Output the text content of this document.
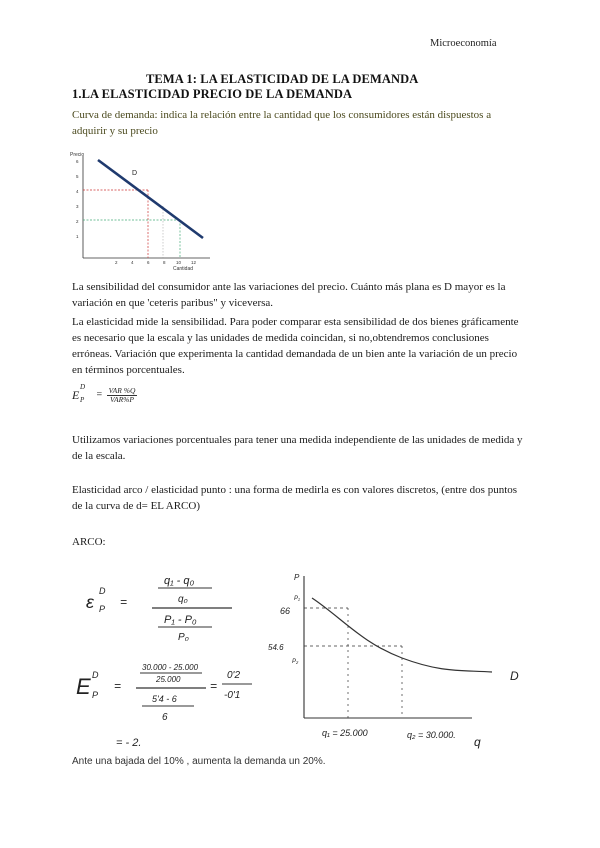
Microeconomía
TEMA 1: LA ELASTICIDAD DE LA DEMANDA
1.LA ELASTICIDAD PRECIO DE LA DEMANDA
Curva de demanda: indica la relación entre la cantidad que los consumidores están dispuestos a
adquirir y su precio
Precio
6
5
4
3
2
1
2	4	6	8 10 12
Cantidad
D
La sensibilidad del consumidor ante las variaciones del precio. Cuánto más plana es D mayor es la
variación en que 'ceteris paribus" y viceversa.
La elasticidad mide la sensibilidad. Para poder comparar esta sensibilidad de dos bienes gráficamente
es necesario que la escala y las unidades de medida coincidan, si no,obtendremos conclusiones
erróneas. Variación que experimenta la cantidad demandada de un bien ante la variación de un precio
en términos porcentuales.
E
D
$P = \frac{\text{VAR \%Q}}{\text{VAR\%P}}$
Utilizamos variaciones porcentuales para tener una medida independiente de las unidades de medida y
de la escala.
Elasticidad arco / elasticidad punto : una forma de medirla es con valores discretos, (entre dos puntos
de la curva de d= EL ARCO)
ARCO:
ε
D
P =
q₁ - q₀
q₀
P₁ - P₀
P₀
E D
P
=
30.000 - 25.000
25.000
5'4 - 6
6
=
0'2
-0'1
= - 2.
P
66
P₁
54.6
P₂
D
q
q₁ = 25.000	q₂ = 30.000.
Ante una bajada del 10% , aumenta la demanda un 20%.
